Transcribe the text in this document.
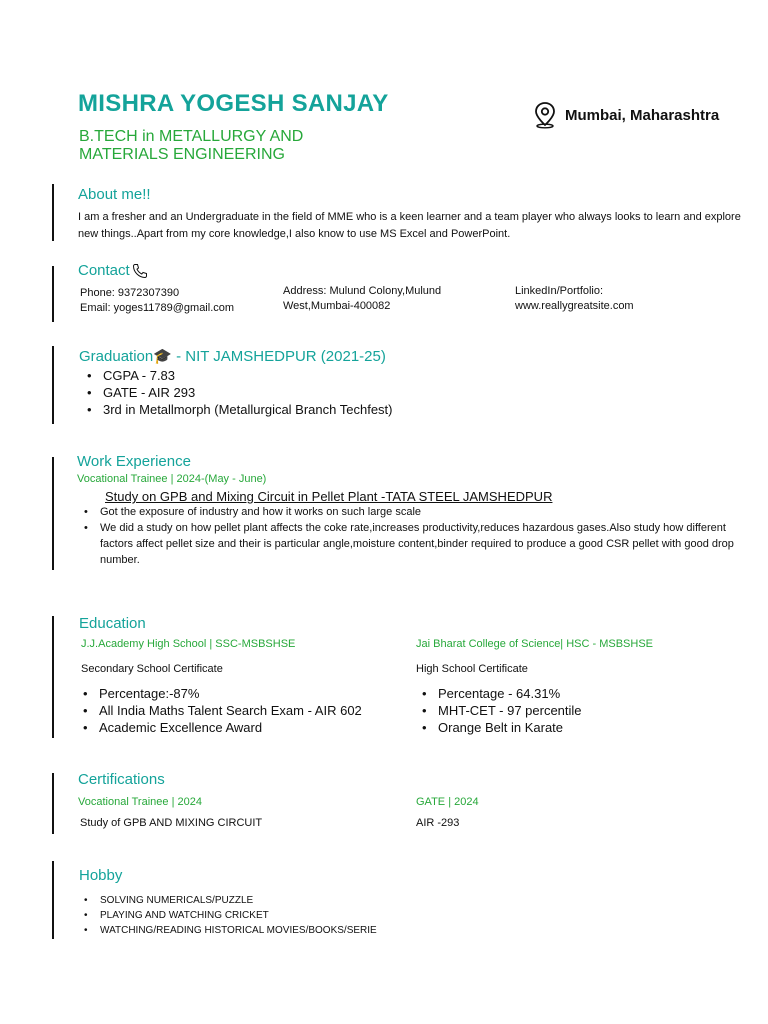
MISHRA YOGESH SANJAY
B.TECH in METALLURGY AND MATERIALS ENGINEERING
Mumbai, Maharashtra
About me!!
I am a fresher and an Undergraduate in the field of MME who is a keen learner and a team player who always looks to learn and explore new things..Apart from my core knowledge,I also know to use MS Excel and PowerPoint.
Contact
Phone: 9372307390
Email: yoges11789@gmail.com
Address: Mulund Colony,Mulund West,Mumbai-400082
LinkedIn/Portfolio:
www.reallygreatsite.com
Graduation🎓 - NIT JAMSHEDPUR (2021-25)
• CGPA - 7.83
• GATE - AIR 293
• 3rd in Metallmorph (Metallurgical Branch Techfest)
Work Experience
Vocational Trainee | 2024-(May - June)
Study on GPB and Mixing Circuit in Pellet Plant -TATA STEEL JAMSHEDPUR
• Got the exposure of industry and how it works on such large scale
• We did a study on how pellet plant affects the coke rate,increases productivity,reduces hazardous gases.Also study how different factors affect pellet size and their is particular angle,moisture content,binder required to produce a good CSR pellet with good drop number.
Education
J.J.Academy High School | SSC-MSBSHSE
Secondary School Certificate
• Percentage:-87%
• All India Maths Talent Search Exam - AIR 602
• Academic Excellence Award
Jai Bharat College of Science| HSC - MSBSHSE
High School Certificate
• Percentage - 64.31%
• MHT-CET - 97 percentile
• Orange Belt in Karate
Certifications
Vocational Trainee | 2024
Study of GPB AND MIXING CIRCUIT
GATE | 2024
AIR -293
Hobby
• SOLVING NUMERICALS/PUZZLE
• PLAYING AND WATCHING CRICKET
• WATCHING/READING HISTORICAL MOVIES/BOOKS/SERIE
